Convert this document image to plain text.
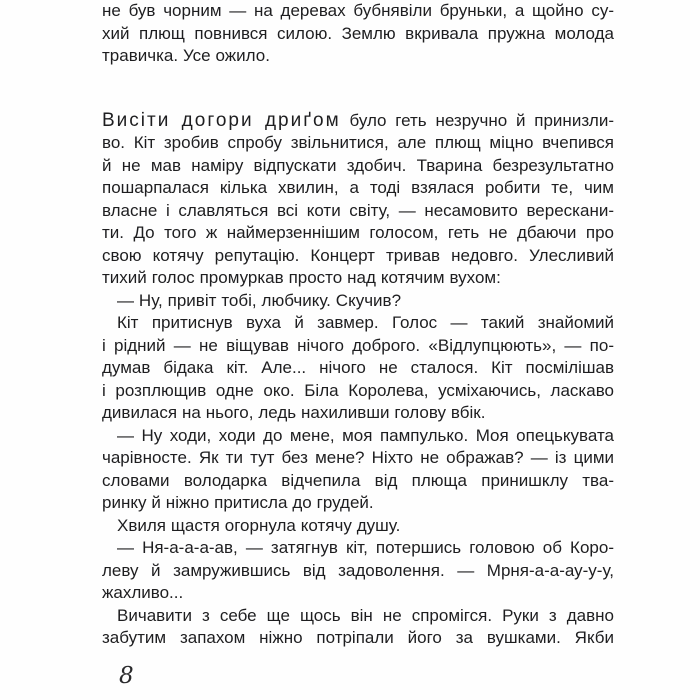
не був чорним — на деревах бубнявіли бруньки, а щойно су-
хий плющ повнився силою. Землю вкривала пружна молода
травичка. Усе ожило.
Висіти догори дриґом було геть незручно й принизли-
во. Кіт зробив спробу звільнитися, але плющ міцно вчепився
й не мав наміру відпускати здобич. Тварина безрезультатно
пошарпалася кілька хвилин, а тоді взялася робити те, чим
власне і славляться всі коти світу, — несамовито верескани-
ти. До того ж наймерзеннішим голосом, геть не дбаючи про
свою котячу репутацію. Концерт тривав недовго. Улесливий
тихий голос промуркав просто над котячим вухом:
— Ну, привіт тобі, любчику. Скучив?
Кіт притиснув вуха й завмер. Голос — такий знайомий
і рідний — не віщував нічого доброго. «Відлупцюють», — по-
думав бідака кіт. Але... нічого не сталося. Кіт посмілішав
і розплющив одне око. Біла Королева, усміхаючись, ласкаво
дивилася на нього, ледь нахиливши голову вбік.
— Ну ходи, ходи до мене, моя пампулько. Моя опецькувата
чарівносте. Як ти тут без мене? Ніхто не ображав? — із цими
словами володарка відчепила від плюща принишклу тва-
ринку й ніжно притисла до грудей.
Хвиля щастя огорнула котячу душу.
— Ня-а-а-а-ав, — затягнув кіт, потершись головою об Коро-
леву й замружившись від задоволення. — Мрня-а-а-ау-у-у,
жахливо...
Вичавити з себе ще щось він не спромігся. Руки з давно
забутим запахом ніжно потріпали його за вушками. Якби
8
